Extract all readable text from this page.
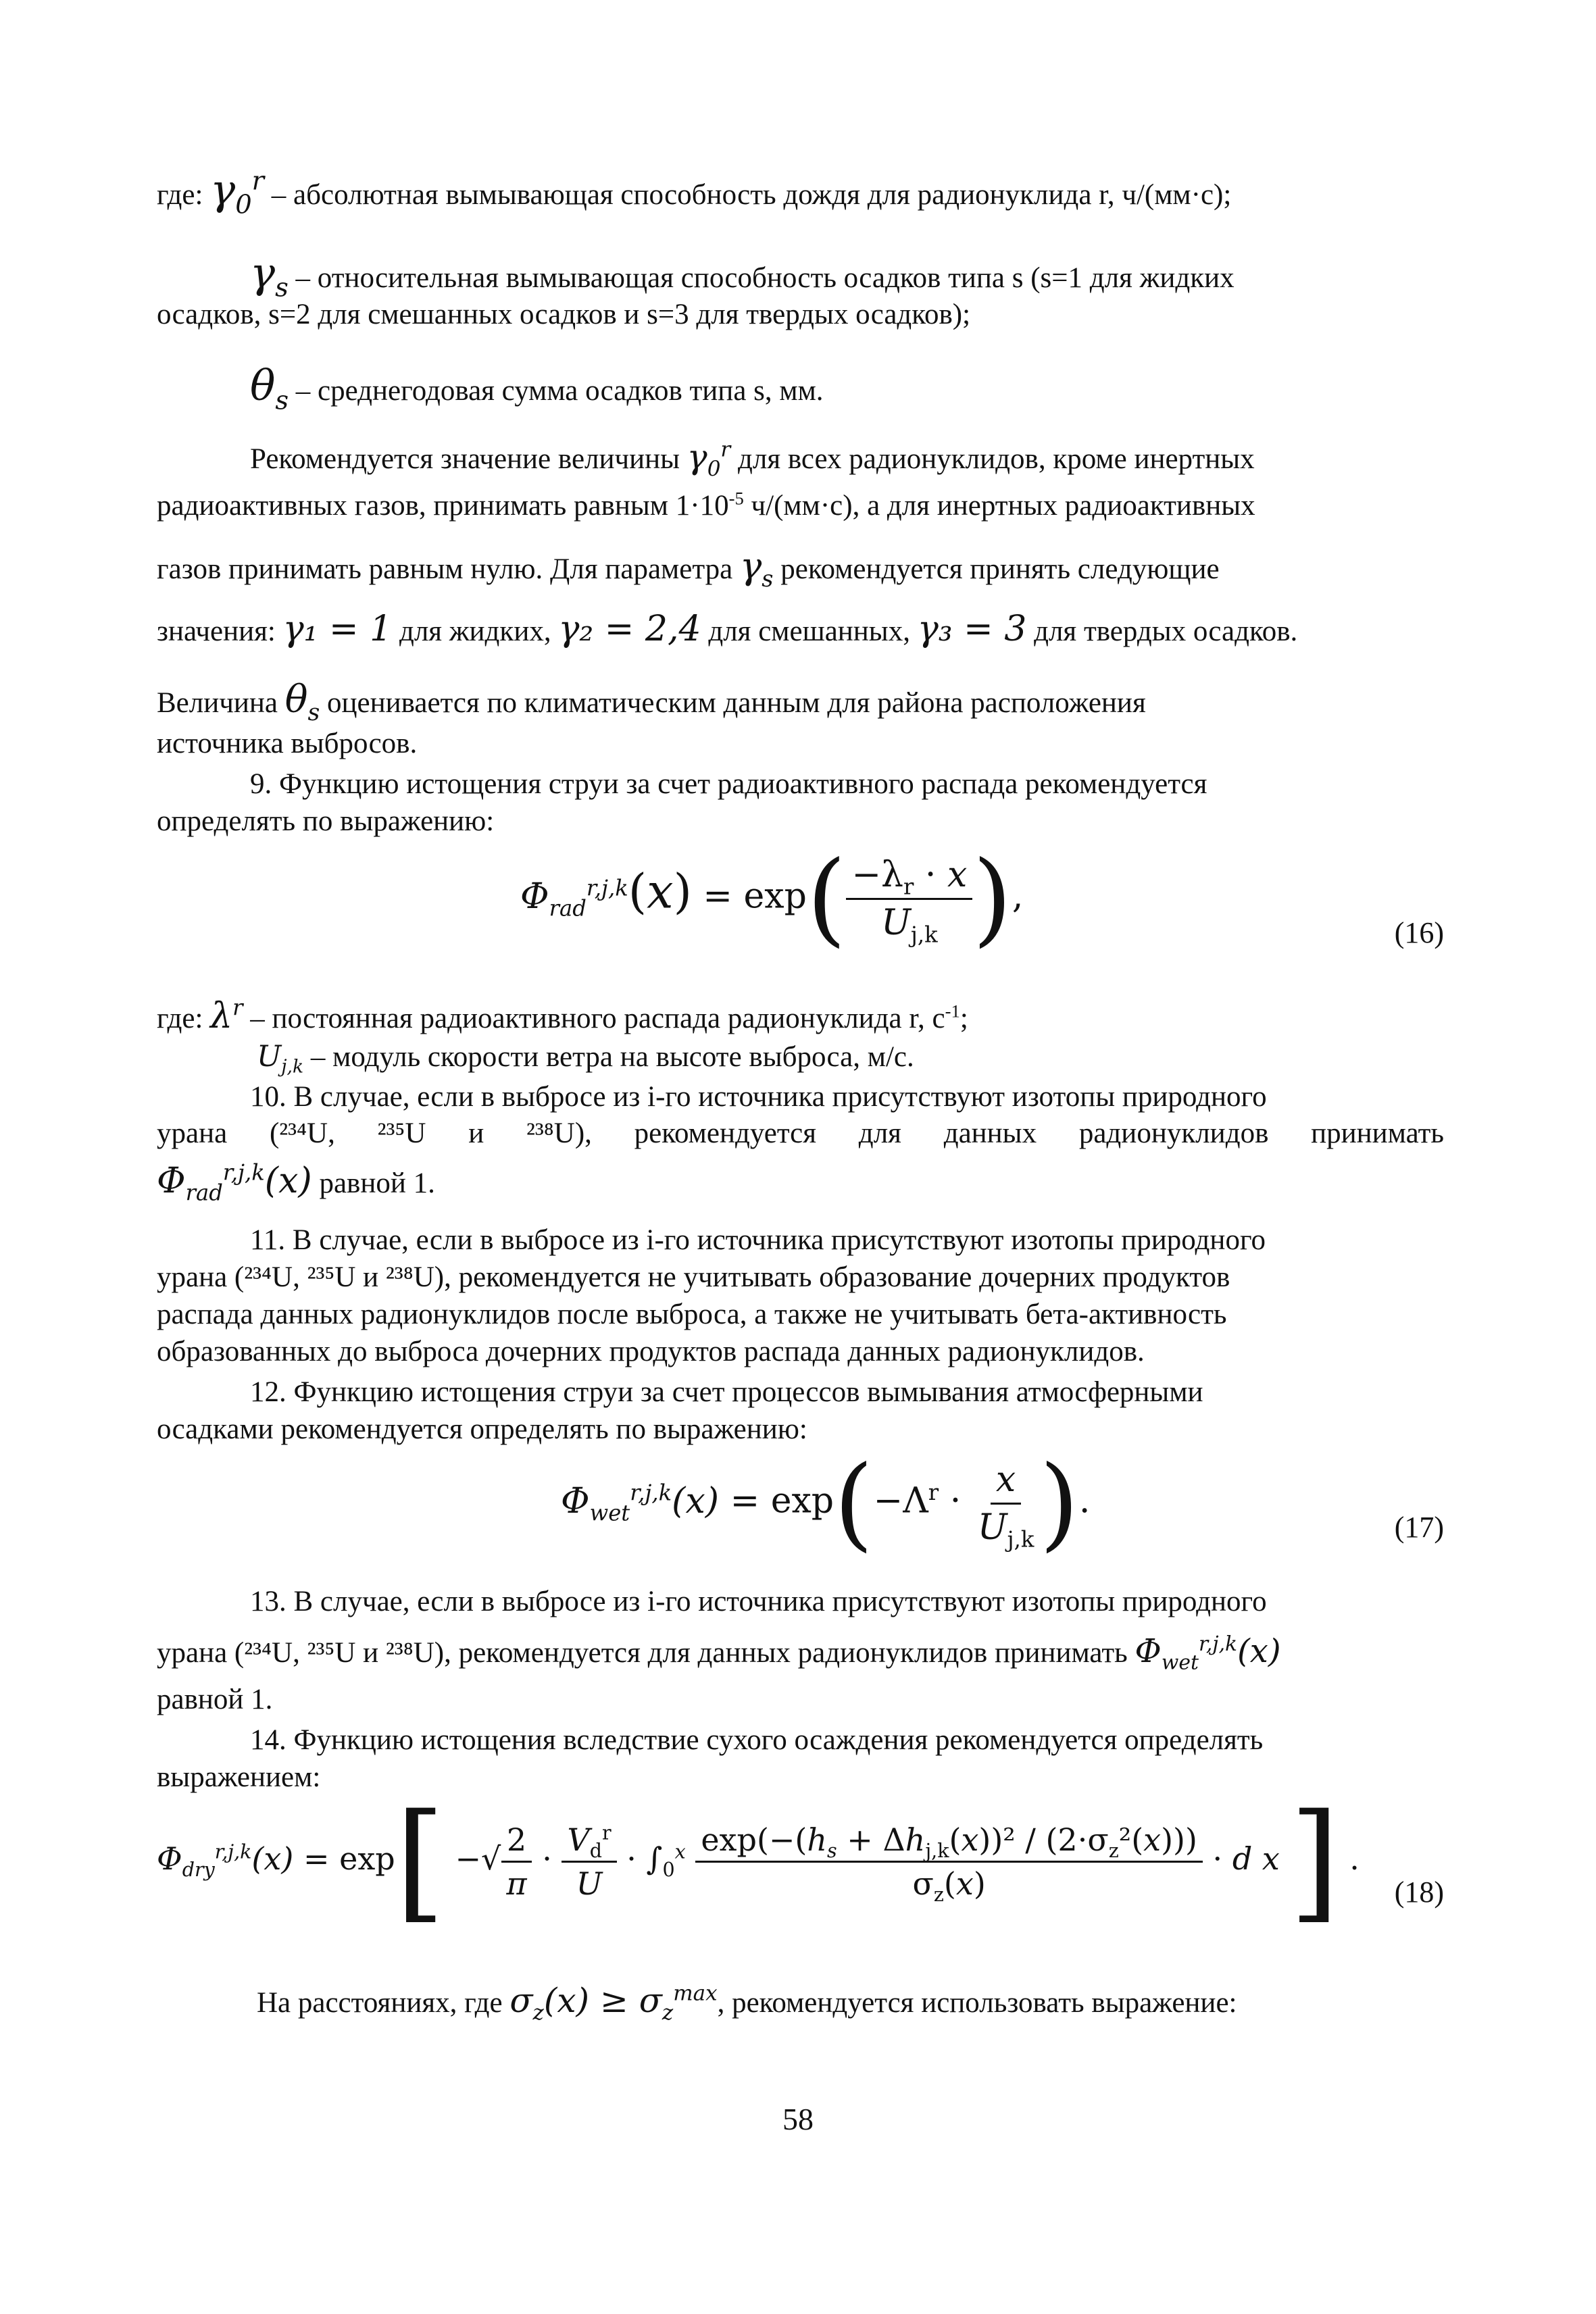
где: $\gamma_0^r$ – абсолютная вымывающая способность дождя для радионуклида r, ч/(мм·с);
$\gamma_s$ – относительная вымывающая способность осадков типа s (s=1 для жидких
осадков, s=2 для смешанных осадков и s=3 для твердых осадков);
$\theta_s$ – среднегодовая сумма осадков типа s, мм.
Рекомендуется значение величины $\gamma_0^r$ для всех радионуклидов, кроме инертных
радиоактивных газов, принимать равным $1\cdot 10^{-5}$ ч/(мм·с), а для инертных радиоактивных
газов принимать равным нулю. Для параметра $\gamma_s$ рекомендуется принять следующие
значения: γ₁ = 1 для жидких, γ₂ = 2,4 для смешанных, γ₃ = 3 для твердых осадков.
Величина $\theta_s$ оценивается по климатическим данным для района расположения
источника выбросов.
9. Функцию истощения струи за счет радиоактивного распада рекомендуется
определять по выражению:
$\Phi_{rad}^{r,j,k}(x) = \exp( \frac{-\lambda_r \cdot x}{U_{j,k}}$ ),
(16)
где: $\lambda^r$ – постоянная радиоактивного распада радионуклида r, $с^{-1}$;
$U_{j,k}$ – модуль скорости ветра на высоте выброса, м/с.
10. В случае, если в выбросе из i-го источника присутствуют изотопы природного
урана (²³⁴U, ²³⁵U и ²³⁸U), рекомендуется для данных радионуклидов принимать
$\Phi_{rad}^{r,j,k}(x)$ равной 1.
11. В случае, если в выбросе из i-го источника присутствуют изотопы природного
урана (²³⁴U, ²³⁵U и ²³⁸U), рекомендуется не учитывать образование дочерних продуктов
распада данных радионуклидов после выброса, а также не учитывать бета-активность
образованных до выброса дочерних продуктов распада данных радионуклидов.
12. Функцию истощения струи за счет процессов вымывания атмосферными
осадками рекомендуется определять по выражению:
$\Phi_{wet}^{r,j,k}(x) = \exp(-\Lambda^r \cdot \frac{x}{U_{j,k}}$ ).
(17)
13. В случае, если в выбросе из i-го источника присутствуют изотопы природного
урана (²³⁴U, ²³⁵U и ²³⁸U), рекомендуется для данных радионуклидов принимать $\Phi_{wet}^{r,j,k}(x)$
равной 1.
14. Функцию истощения вследствие сухого осаждения рекомендуется определять
выражением:
$\Phi_{dry}^{r,j,k}(x) = \exp$[ −√ $\frac{2}{\pi} \cdot \frac{V_d^r}{U} \cdot \int_0^x \frac{\exp(-(h_s + \Delta h_{j,k}(x))^2 / (2\cdot\sigma_z^2(x)))}{\sigma_z(x)} \cdot d$ x ] .
(18)
На расстояниях, где $\sigma_z(x) \ge \sigma_z^{max}$, рекомендуется использовать выражение:
58
